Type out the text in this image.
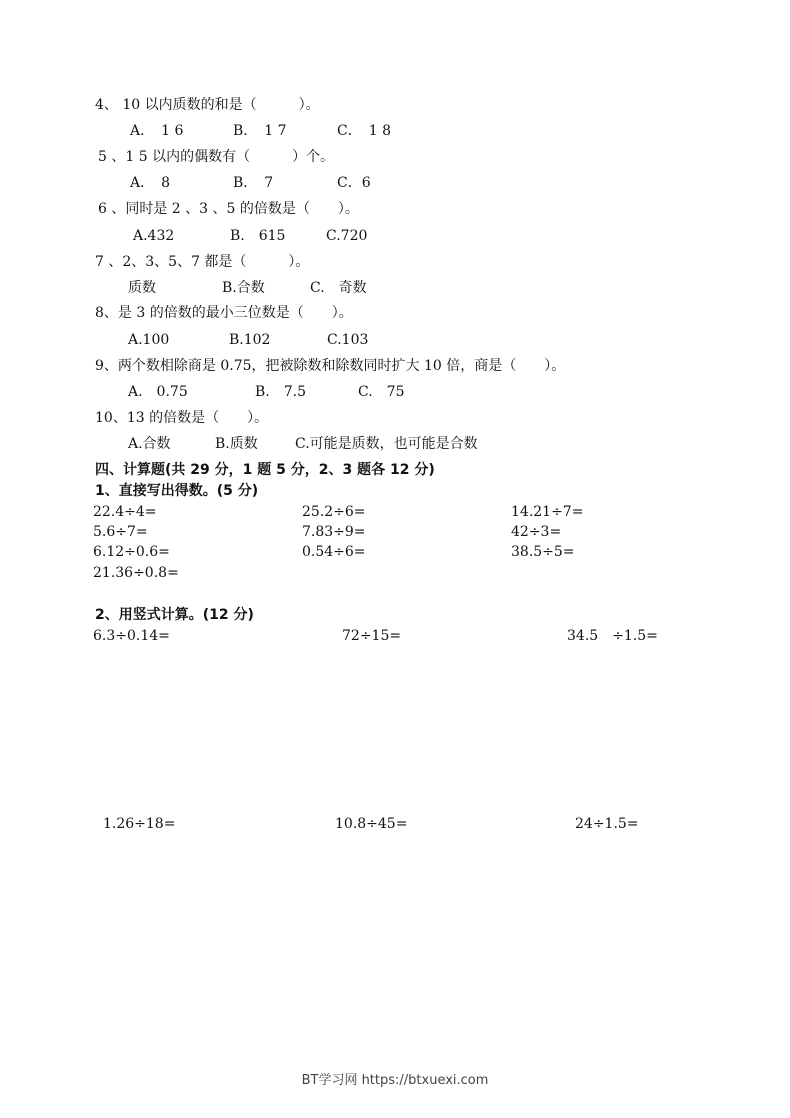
4、 10 以内质数的和是（　　　）。
A．　1 6	B．　1 7	C．　1 8
5 、1 5 以内的偶数有（　　　）个。
A．　8	B．　7	C．6
6 、同时是 2 、3 、5 的倍数是（　　）。
A.432	B.　615	C.720
7 、2、3、5、7 都是（　　　）。
质数	B.合数	C.　奇数
8、是 3 的倍数的最小三位数是（　　）。
A.100	B.102	C.103
9、两个数相除商是 0.75，把被除数和除数同时扩大 10 倍，商是（　　）。
A.　0.75	B.　7.5	C.　75
10、13 的倍数是（　　）。
A.合数	B.质数	C.可能是质数，也可能是合数
四、计算题(共 29 分，1 题 5 分，2、3 题各 12 分)
1、直接写出得数。(5 分)
22.4÷4=	25.2÷6=	14.21÷7=
5.6÷7=	7.83÷9=	42÷3=
6.12÷0.6=	0.54÷6=	38.5÷5=
21.36÷0.8=
2、用竖式计算。(12 分)
6.3÷0.14=	72÷15=	34.5　÷1.5=
1.26÷18=	10.8÷45=	24÷1.5=
BT学习网 https://btxuexi.com
